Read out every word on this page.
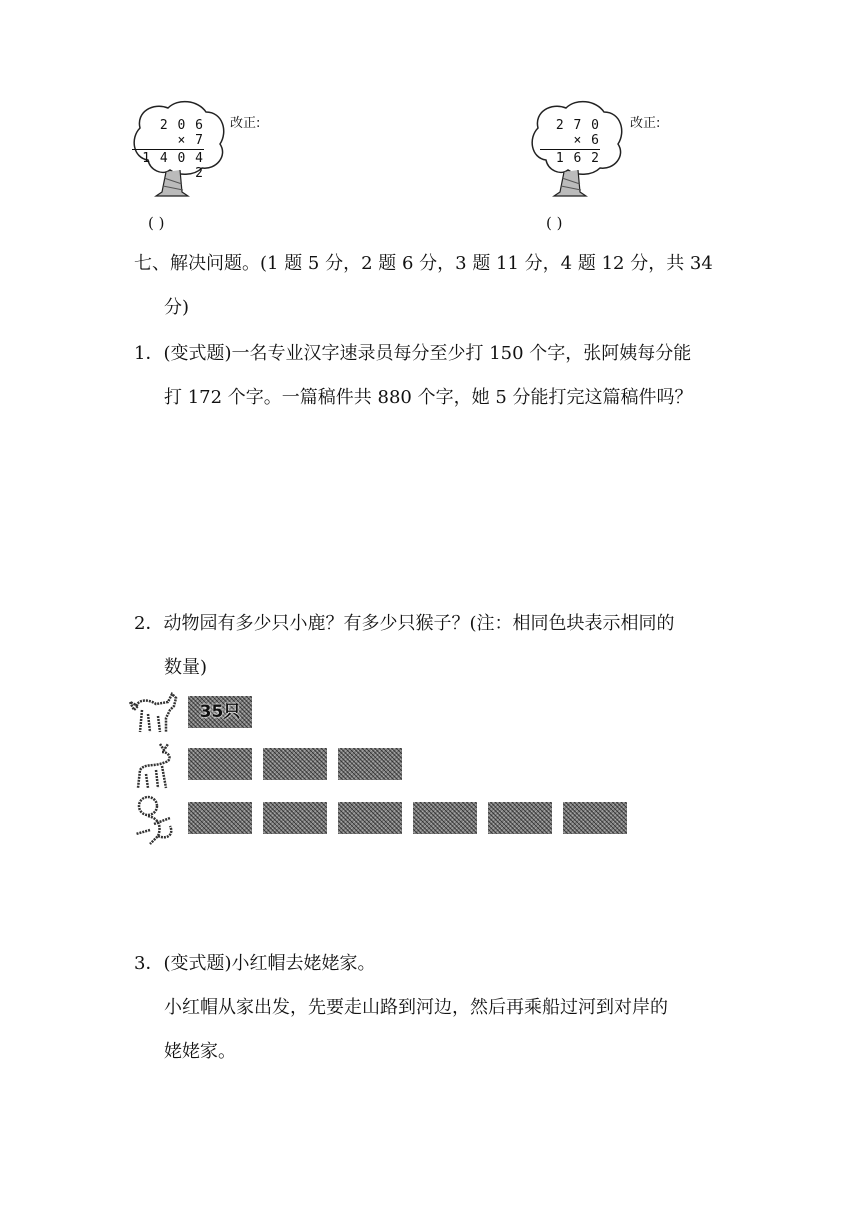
2 0 6
× 7
1 4 0 4 2
改正:
( )
2 7 0
× 6
1 6 2
改正:
( )
七、解决问题。(1 题 5 分，2 题 6 分，3 题 11 分，4 题 12 分，共 34
分)
1．(变式题)一名专业汉字速录员每分至少打 150 个字，张阿姨每分能
打 172 个字。一篇稿件共 880 个字，她 5 分能打完这篇稿件吗？
2．动物园有多少只小鹿？有多少只猴子？(注：相同色块表示相同的
数量)
35只
3．(变式题)小红帽去姥姥家。
小红帽从家出发，先要走山路到河边，然后再乘船过河到对岸的
姥姥家。
